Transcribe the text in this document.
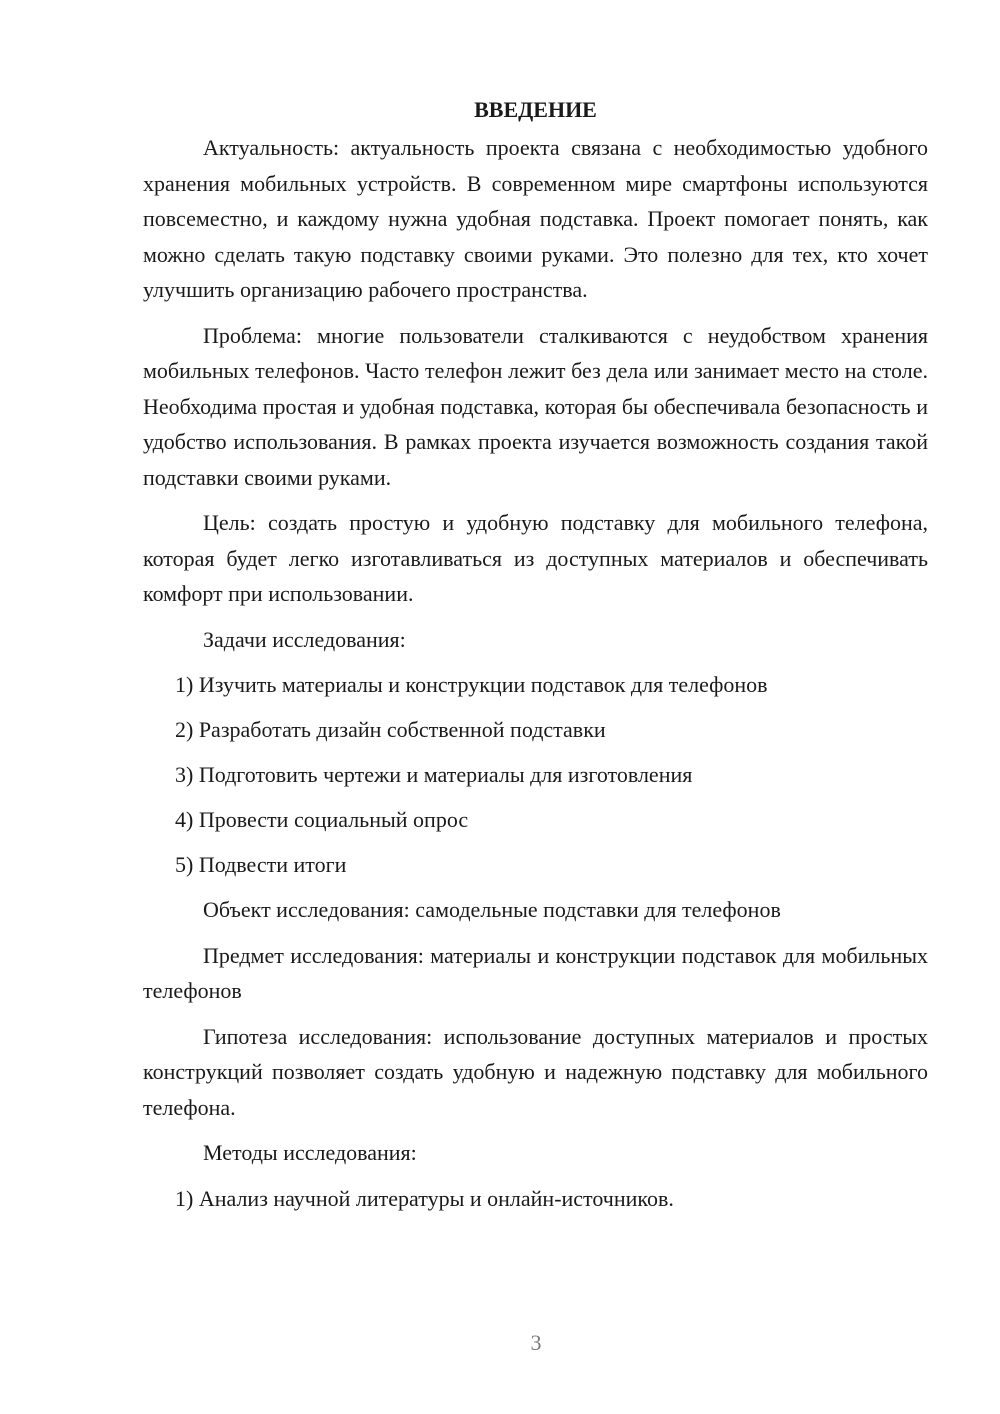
ВВЕДЕНИЕ

Актуальность: актуальность проекта связана с необходимостью удобного хранения мобильных устройств. В современном мире смартфоны используются повсеместно, и каждому нужна удобная подставка. Проект помогает понять, как можно сделать такую подставку своими руками. Это полезно для тех, кто хочет улучшить организацию рабочего пространства.

Проблема: многие пользователи сталкиваются с неудобством хранения мобильных телефонов. Часто телефон лежит без дела или занимает место на столе. Необходима простая и удобная подставка, которая бы обеспечивала безопасность и удобство использования. В рамках проекта изучается возможность создания такой подставки своими руками.

Цель: создать простую и удобную подставку для мобильного телефона, которая будет легко изготавливаться из доступных материалов и обеспечивать комфорт при использовании.

Задачи исследования:

1) Изучить материалы и конструкции подставок для телефонов

2) Разработать дизайн собственной подставки

3) Подготовить чертежи и материалы для изготовления

4) Провести социальный опрос

5) Подвести итоги

Объект исследования: самодельные подставки для телефонов

Предмет исследования: материалы и конструкции подставок для мобильных телефонов

Гипотеза исследования: использование доступных материалов и простых конструкций позволяет создать удобную и надежную подставку для мобильного телефона.

Методы исследования:

1) Анализ научной литературы и онлайн-источников.

3
